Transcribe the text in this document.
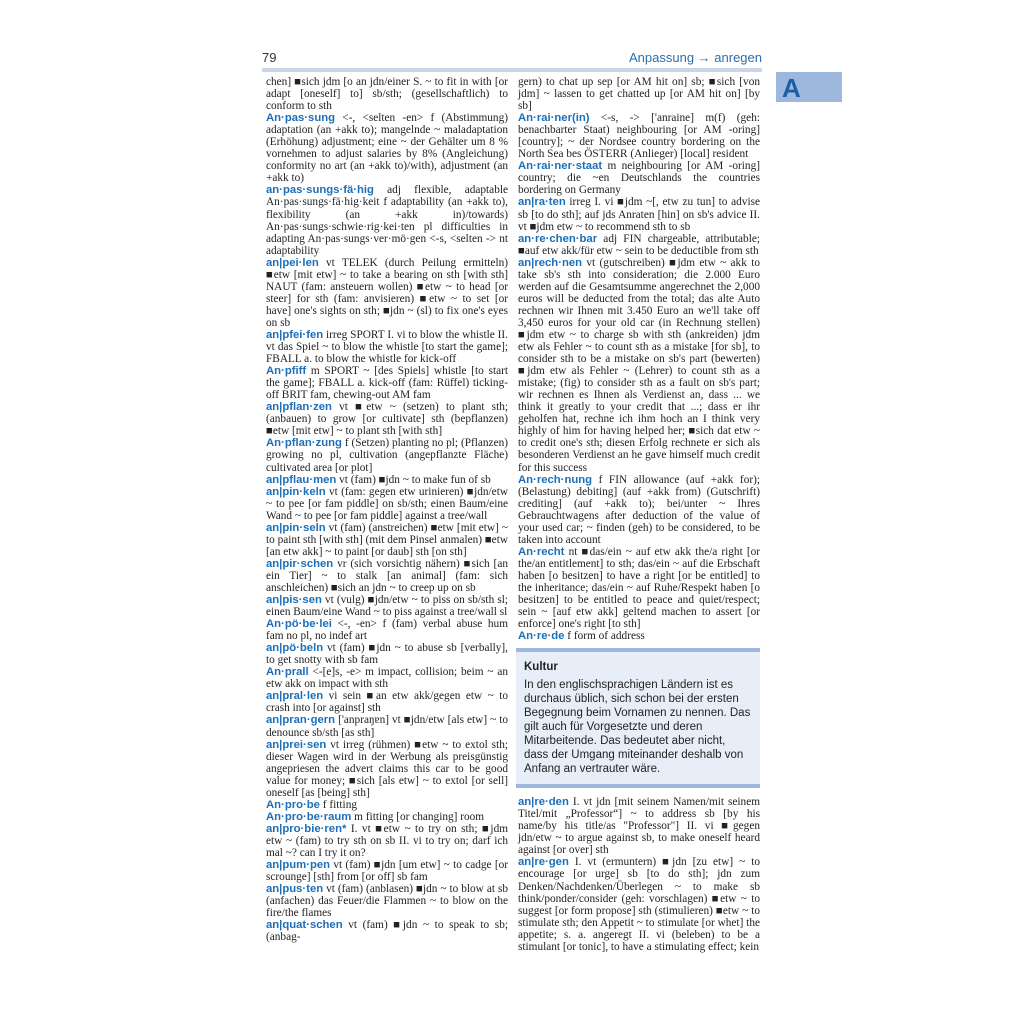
79	Anpassung → anregen
A

chen] ■sich jdm [o an jdn/einer S. ~ to fit in with [or adapt [oneself] to] sb/sth; (gesellschaftlich) to conform to sth

An·pas·sung <-, <selten -en> f (Abstimmung) adaptation (an +akk to); mangelnde ~ maladaptation (Erhöhung) adjustment; eine ~ der Gehälter um 8 % vornehmen to adjust salaries by 8% (Angleichung) conformity no art (an +akk to)/with), adjustment (an +akk to)

an·pas·sungs·fä·hig adj flexible, adaptable An·pas·sungs·fä·hig·keit f adaptability (an +akk to), flexibility (an +akk in)/towards) An·pas·sungs·schwie·rig·kei·ten pl difficulties in adapting An·pas·sungs·ver·mö·gen <-s, <selten -> nt adaptability

an|pei·len vt TELEK (durch Peilung ermitteln) ■etw [mit etw] ~ to take a bearing on sth [with sth] NAUT (fam: ansteuern wollen) ■etw ~ to head [or steer] for sth (fam: anvisieren) ■etw ~ to set [or have] one's sights on sth; ■jdn ~ (sl) to fix one's eyes on sb

an|pfei·fen irreg SPORT I. vi to blow the whistle II. vt das Spiel ~ to blow the whistle [to start the game]; FBALL a. to blow the whistle for kick-off

An·pfiff m SPORT ~ [des Spiels] whistle [to start the game]; FBALL a. kick-off (fam: Rüffel) ticking-off BRIT fam, chewing-out AM fam

an|pflan·zen vt ■etw ~ (setzen) to plant sth; (anbauen) to grow [or cultivate] sth (bepflanzen) ■etw [mit etw] ~ to plant sth [with sth]

An·pflan·zung f (Setzen) planting no pl; (Pflanzen) growing no pl, cultivation (angepflanzte Fläche) cultivated area [or plot]

an|pflau·men vt (fam) ■jdn ~ to make fun of sb

an|pin·keln vt (fam: gegen etw urinieren) ■jdn/etw ~ to pee [or fam piddle] on sb/sth; einen Baum/eine Wand ~ to pee [or fam piddle] against a tree/wall

an|pin·seln vt (fam) (anstreichen) ■etw [mit etw] ~ to paint sth [with sth] (mit dem Pinsel anmalen) ■etw [an etw akk] ~ to paint [or daub] sth [on sth]

an|pir·schen vr (sich vorsichtig nähern) ■sich [an ein Tier] ~ to stalk [an animal] (fam: sich anschleichen) ■sich an jdn ~ to creep up on sb

an|pis·sen vt (vulg) ■jdn/etw ~ to piss on sb/sth sl; einen Baum/eine Wand ~ to piss against a tree/wall sl

An·pö·be·lei <-, -en> f (fam) verbal abuse hum fam no pl, no indef art

an|pö·beln vt (fam) ■jdn ~ to abuse sb [verbally], to get snotty with sb fam

An·prall <-[e]s, -e> m impact, collision; beim ~ an etw akk on impact with sth

an|pral·len vi sein ■an etw akk/gegen etw ~ to crash into [or against] sth

an|pran·gern ['anpraŋɐn] vt ■jdn/etw [als etw] ~ to denounce sb/sth [as sth]

an|prei·sen vt irreg (rühmen) ■etw ~ to extol sth; dieser Wagen wird in der Werbung als preisgünstig angepriesen the advert claims this car to be good value for money; ■sich [als etw] ~ to extol [or sell] oneself [as [being] sth]

An·pro·be f fitting

An·pro·be·raum m fitting [or changing] room

an|pro·bie·ren* I. vt ■etw ~ to try on sth; ■jdm etw ~ (fam) to try sth on sb II. vi to try on; darf ich mal ~? can I try it on?

an|pum·pen vt (fam) ■jdn [um etw] ~ to cadge [or scrounge] [sth] from [or off] sb fam

an|pus·ten vt (fam) (anblasen) ■jdn ~ to blow at sb (anfachen) das Feuer/die Flammen ~ to blow on the fire/the flames

an|quat·schen vt (fam) ■jdn ~ to speak to sb; (anbag-

gern) to chat up sep [or AM hit on] sb; ■sich [von jdm] ~ lassen to get chatted up [or AM hit on] [by sb]

An·rai·ner(in) <-s, -> ['anraine] m(f) (geh: benachbarter Staat) neighbouring [or AM -oring] [country]; ~ der Nordsee country bordering on the North Sea bes ÖSTERR (Anlieger) [local] resident

An·rai·ner·staat m neighbouring [or AM -oring] country; die ~en Deutschlands the countries bordering on Germany

an|ra·ten irreg I. vi ■jdm ~[, etw zu tun] to advise sb [to do sth]; auf jds Anraten [hin] on sb's advice II. vt ■jdm etw ~ to recommend sth to sb

an·re·chen·bar adj FIN chargeable, attributable; ■auf etw akk/für etw ~ sein to be deductible from sth

an|rech·nen vt (gutschreiben) ■jdm etw ~ akk to take sb's sth into consideration; die 2.000 Euro werden auf die Gesamtsumme angerechnet the 2,000 euros will be deducted from the total; das alte Auto rechnen wir Ihnen mit 3.450 Euro an we'll take off 3,450 euros for your old car (in Rechnung stellen) ■jdm etw ~ to charge sb with sth (ankreiden) jdm etw als Fehler ~ to count sth as a mistake [for sb], to consider sth to be a mistake on sb's part (bewerten) ■jdm etw als Fehler ~ (Lehrer) to count sth as a mistake; (fig) to consider sth as a fault on sb's part; wir rechnen es Ihnen als Verdienst an, dass ... we think it greatly to your credit that ...; dass er ihr geholfen hat, rechne ich ihm hoch an I think very highly of him for having helped her; ■sich dat etw ~ to credit one's sth; diesen Erfolg rechnete er sich als besonderen Verdienst an he gave himself much credit for this success

An·rech·nung f FIN allowance (auf +akk for); (Belastung) debiting] (auf +akk from) (Gutschrift) crediting] (auf +akk to); bei/unter ~ Ihres Gebrauchtwagens after deduction of the value of your used car; ~ finden (geh) to be considered, to be taken into account

An·recht nt ■das/ein ~ auf etw akk the/a right [or the/an entitlement] to sth; das/ein ~ auf die Erbschaft haben [o besitzen] to have a right [or be entitled] to the inheritance; das/ein ~ auf Ruhe/Respekt haben [o besitzen] to be entitled to peace and quiet/respect; sein ~ [auf etw akk] geltend machen to assert [or enforce] one's right [to sth]

An·re·de f form of address

Kultur
In den englischsprachigen Ländern ist es durchaus üblich, sich schon bei der ersten Begegnung beim Vornamen zu nennen. Das gilt auch für Vorgesetzte und deren Mitarbeitende. Das bedeutet aber nicht, dass der Umgang miteinander deshalb von Anfang an vertrauter wäre.

an|re·den I. vt jdn [mit seinem Namen/mit seinem Titel/mit „Professor“] ~ to address sb [by his name/by his title/as "Professor"] II. vi ■gegen jdn/etw ~ to argue against sb, to make oneself heard against [or over] sth

an|re·gen I. vt (ermuntern) ■jdn [zu etw] ~ to encourage [or urge] sb [to do sth]; jdn zum Denken/Nachdenken/Überlegen ~ to make sb think/ponder/consider (geh: vorschlagen) ■etw ~ to suggest [or form propose] sth (stimulieren) ■etw ~ to stimulate sth; den Appetit ~ to stimulate [or whet] the appetite; s. a. angeregt II. vi (beleben) to be a stimulant [or tonic], to have a stimulating effect; kein
